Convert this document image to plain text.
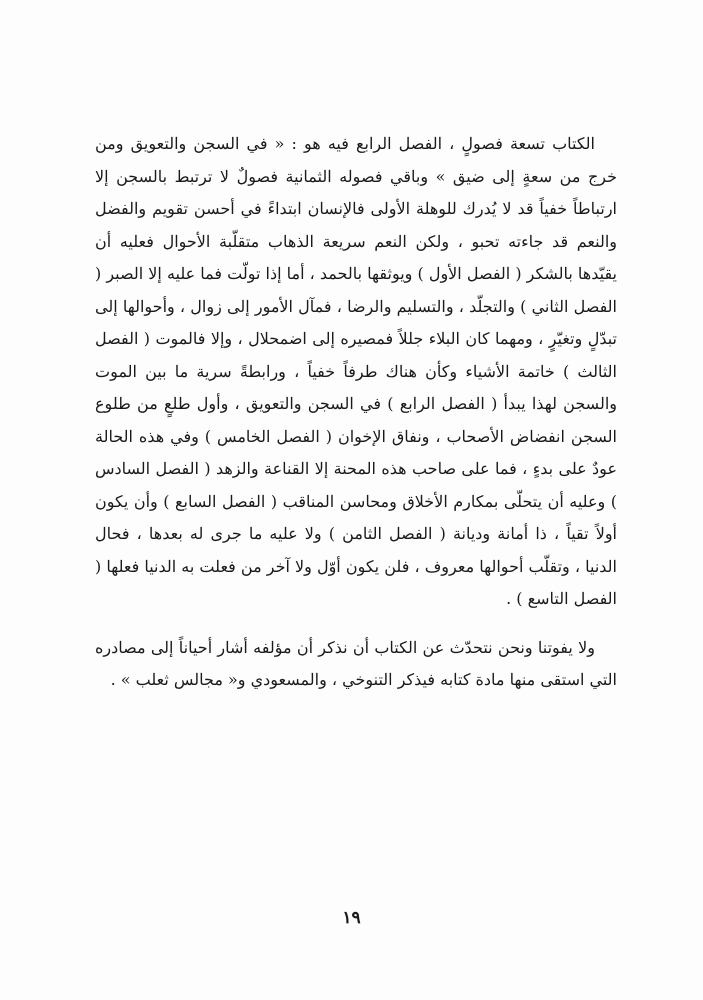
الكتاب تسعة فصولٍ ، الفصل الرابع فيه هو : « في السجن والتعويق ومن خرج من سعةٍ إلى ضيق » وباقي فصوله الثمانية فصولٌ لا ترتبط بالسجن إلا ارتباطاً خفياً قد لا يُدرك للوهلة الأولى فالإنسان ابتداءً في أحسن تقويم والفضل والنعم قد جاءته تحبو ، ولكن النعم سريعة الذهاب متقلّبة الأحوال فعليه أن يقيّدها بالشكر ( الفصل الأول ) ويوثقها بالحمد ، أما إذا تولّت فما عليه إلا الصبر ( الفصل الثاني ) والتجلّد ، والتسليم والرضا ، فمآل الأمور إلى زوال ، وأحوالها إلى تبدّلٍ وتغيّرٍ ، ومهما كان البلاء جللاً فمصيره إلى اضمحلال ، وإلا فالموت ( الفصل الثالث ) خاتمة الأشياء وكأن هناك طرفاً خفياً ، ورابطةً سرية ما بين الموت والسجن لهذا يبدأ ( الفصل الرابع ) في السجن والتعويق ، وأول طلعٍ من طلوع السجن انفضاض الأصحاب ، ونفاق الإخوان ( الفصل الخامس ) وفي هذه الحالة عودٌ على بدءٍ ، فما على صاحب هذه المحنة إلا القناعة والزهد ( الفصل السادس ) وعليه أن يتحلّى بمكارم الأخلاق ومحاسن المناقب ( الفصل السابع ) وأن يكون أولاً تقياً ، ذا أمانة وديانة ( الفصل الثامن ) ولا عليه ما جرى له بعدها ، فحال الدنيا ، وتقلّب أحوالها معروف ، فلن يكون أوّل ولا آخر من فعلت به الدنيا فعلها ( الفصل التاسع ) .

ولا يفوتنا ونحن نتحدّث عن الكتاب أن نذكر أن مؤلفه أشار أحياناً إلى مصادره التي استقى منها مادة كتابه فيذكر التنوخي ، والمسعودي و« مجالس ثعلب » .

١٩
